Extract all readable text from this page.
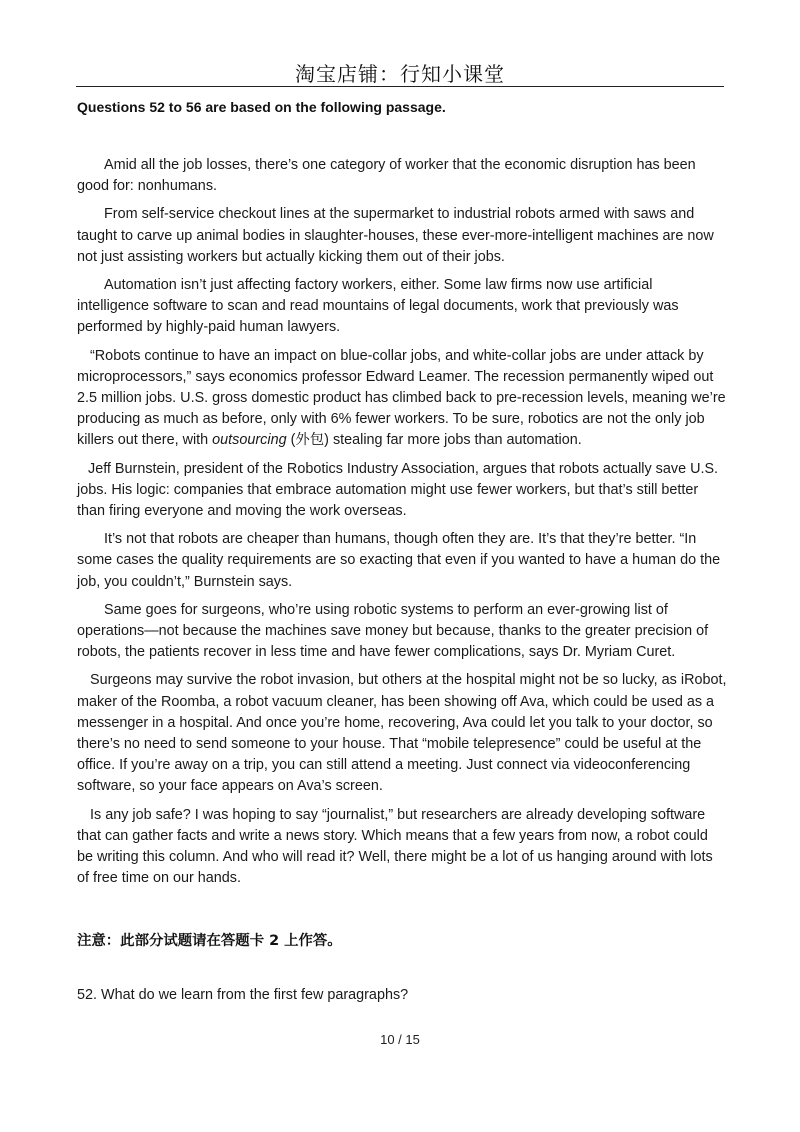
淘宝店铺：行知小课堂
Questions 52 to 56 are based on the following passage.

Amid all the job losses, there’s one category of worker that the economic disruption has been good for: nonhumans.

From self-service checkout lines at the supermarket to industrial robots armed with saws and taught to carve up animal bodies in slaughter-houses, these ever-more-intelligent machines are now not just assisting workers but actually kicking them out of their jobs.

Automation isn’t just affecting factory workers, either. Some law firms now use artificial intelligence software to scan and read mountains of legal documents, work that previously was performed by highly-paid human lawyers.

“Robots continue to have an impact on blue-collar jobs, and white-collar jobs are under attack by microprocessors,” says economics professor Edward Leamer. The recession permanently wiped out 2.5 million jobs. U.S. gross domestic product has climbed back to pre-recession levels, meaning we’re producing as much as before, only with 6% fewer workers. To be sure, robotics are not the only job killers out there, with outsourcing (外包) stealing far more jobs than automation.

Jeff Burnstein, president of the Robotics Industry Association, argues that robots actually save U.S. jobs. His logic: companies that embrace automation might use fewer workers, but that’s still better than firing everyone and moving the work overseas.

It’s not that robots are cheaper than humans, though often they are. It’s that they’re better. “In some cases the quality requirements are so exacting that even if you wanted to have a human do the job, you couldn’t,” Burnstein says.

Same goes for surgeons, who’re using robotic systems to perform an ever-growing list of operations—not because the machines save money but because, thanks to the greater precision of robots, the patients recover in less time and have fewer complications, says Dr. Myriam Curet.

Surgeons may survive the robot invasion, but others at the hospital might not be so lucky, as iRobot, maker of the Roomba, a robot vacuum cleaner, has been showing off Ava, which could be used as a messenger in a hospital. And once you’re home, recovering, Ava could let you talk to your doctor, so there’s no need to send someone to your house. That “mobile telepresence” could be useful at the office. If you’re away on a trip, you can still attend a meeting. Just connect via videoconferencing software, so your face appears on Ava’s screen.

Is any job safe? I was hoping to say “journalist,” but researchers are already developing software that can gather facts and write a news story. Which means that a few years from now, a robot could be writing this column. And who will read it? Well, there might be a lot of us hanging around with lots of free time on our hands.

注意：此部分试题请在答题卡 2 上作答。
52. What do we learn from the first few paragraphs?
10 / 15
